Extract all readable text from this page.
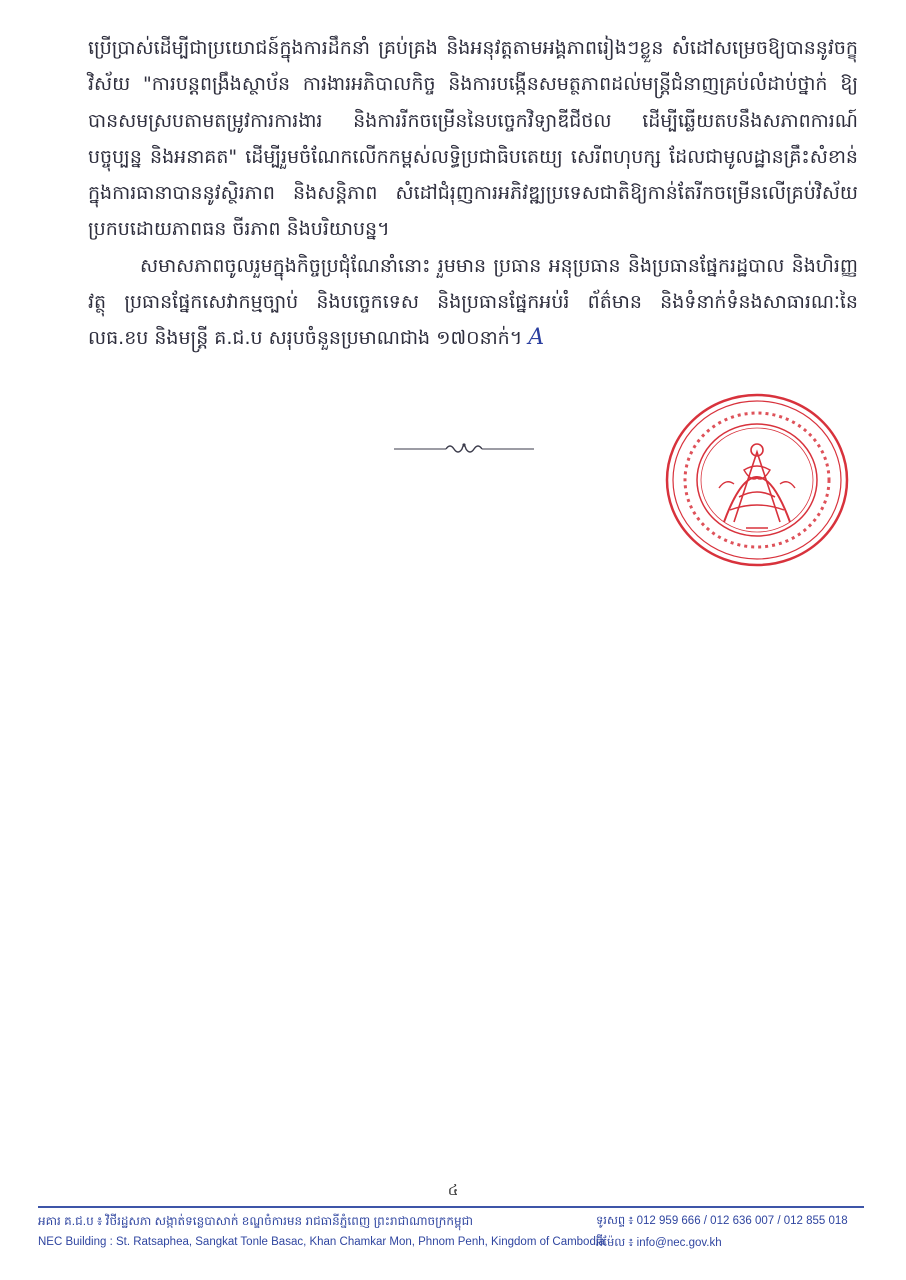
ប្រើប្រាស់ដើម្បីជាប្រយោជន៍ក្នុងការដឹកនាំ គ្រប់គ្រង និងអនុវត្តតាមអង្គភាពរៀងៗខ្លួន សំដៅសម្រេចឱ្យបាននូវចក្ខុវិស័យ "ការបន្តពង្រឹងស្ថាប័ន ការងារអភិបាលកិច្ច និងការបង្កើនសមត្ថភាពដល់មន្ត្រីជំនាញគ្រប់លំដាប់ថ្នាក់ ឱ្យបានសមស្របតាមតម្រូវការការងារ និងការរីកចម្រើននៃបច្ចេកវិទ្យាឌីជីថល ដើម្បីឆ្លើយតបនឹងសភាពការណ៍បច្ចុប្បន្ន និងអនាគត" ដើម្បីរួមចំណែកលើកកម្ពស់លទ្ធិប្រជាធិបតេយ្យ សេរីពហុបក្ស ដែលជាមូលដ្ឋានគ្រឹះសំខាន់ក្នុងការធានាបាននូវស្ថិរភាព និងសន្តិភាព សំដៅជំរុញការអភិវឌ្ឍប្រទេសជាតិឱ្យកាន់តែរីកចម្រើនលើគ្រប់វិស័យ ប្រកបដោយភាពធន ចីរភាព និងបរិយាបន្ន។

សមាសភាពចូលរួមក្នុងកិច្ចប្រជុំណែនាំនោះ រួមមាន ប្រធាន អនុប្រធាន និងប្រធានផ្នែករដ្ឋបាល និងហិរញ្ញវត្ថុ ប្រធានផ្នែកសេវាកម្មច្បាប់ និងបច្ចេកទេស និងប្រធានផ្នែកអប់រំ ព័ត៌មាន និងទំនាក់ទំនងសាធារណៈនៃ លធ.ខប និងមន្ត្រី គ.ជ.ប សរុបចំនួនប្រមាណជាង ១៧០នាក់។ A

៤
អគារ គ.ជ.ប ៖ វិថីរដ្ឋសភា សង្កាត់ទន្លេបាសាក់ ខណ្ឌចំការមន រាជធានីភ្នំពេញ ព្រះរាជាណាចក្រកម្ពុជា
NEC Building : St. Ratsaphea, Sangkat Tonle Basac, Khan Chamkar Mon, Phnom Penh, Kingdom of Cambodia
ទូរសព្ទ ៖ 012 959 666 / 012 636 007 / 012 855 018
អ៊ីម៉ែល ៖ info@nec.gov.kh
